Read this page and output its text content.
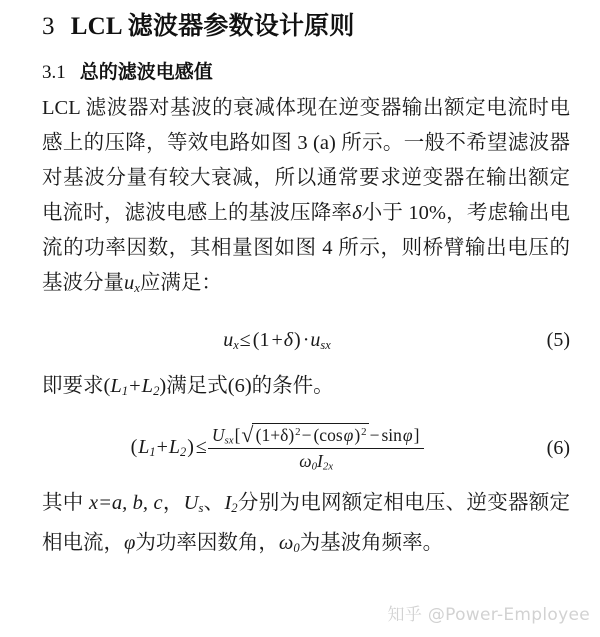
3 LCL 滤波器参数设计原则
3.1 总的滤波电感值

LCL 滤波器对基波的衰减体现在逆变器输出额定电流时电感上的压降，等效电路如图 3 (a) 所示。一般不希望滤波器对基波分量有较大衰减，所以通常要求逆变器在输出额定电流时，滤波电感上的基波压降率δ小于 10%，考虑输出电流的功率因数，其相量图如图 4 所示，则桥臂输出电压的基波分量$u_x$应满足：

$u_x\le (1 +\delta) \cdot u_{sx}$	(5)

即要求$(L_1+L_2)$满足式(6)的条件。

$(L_1+L_2) \le \frac{U_{sx}[√ (1+\delta)^2- (\cos\varphi)^2 - \sin\varphi]}{\omega_0I_{2x}}$	(6)

其中 x=a, b, c，$U_s$、$I_2$分别为电网额定相电压、逆变器额定相电流，φ为功率因数角，$\omega_0$为基波角频率。

知乎 @Power-Employee
